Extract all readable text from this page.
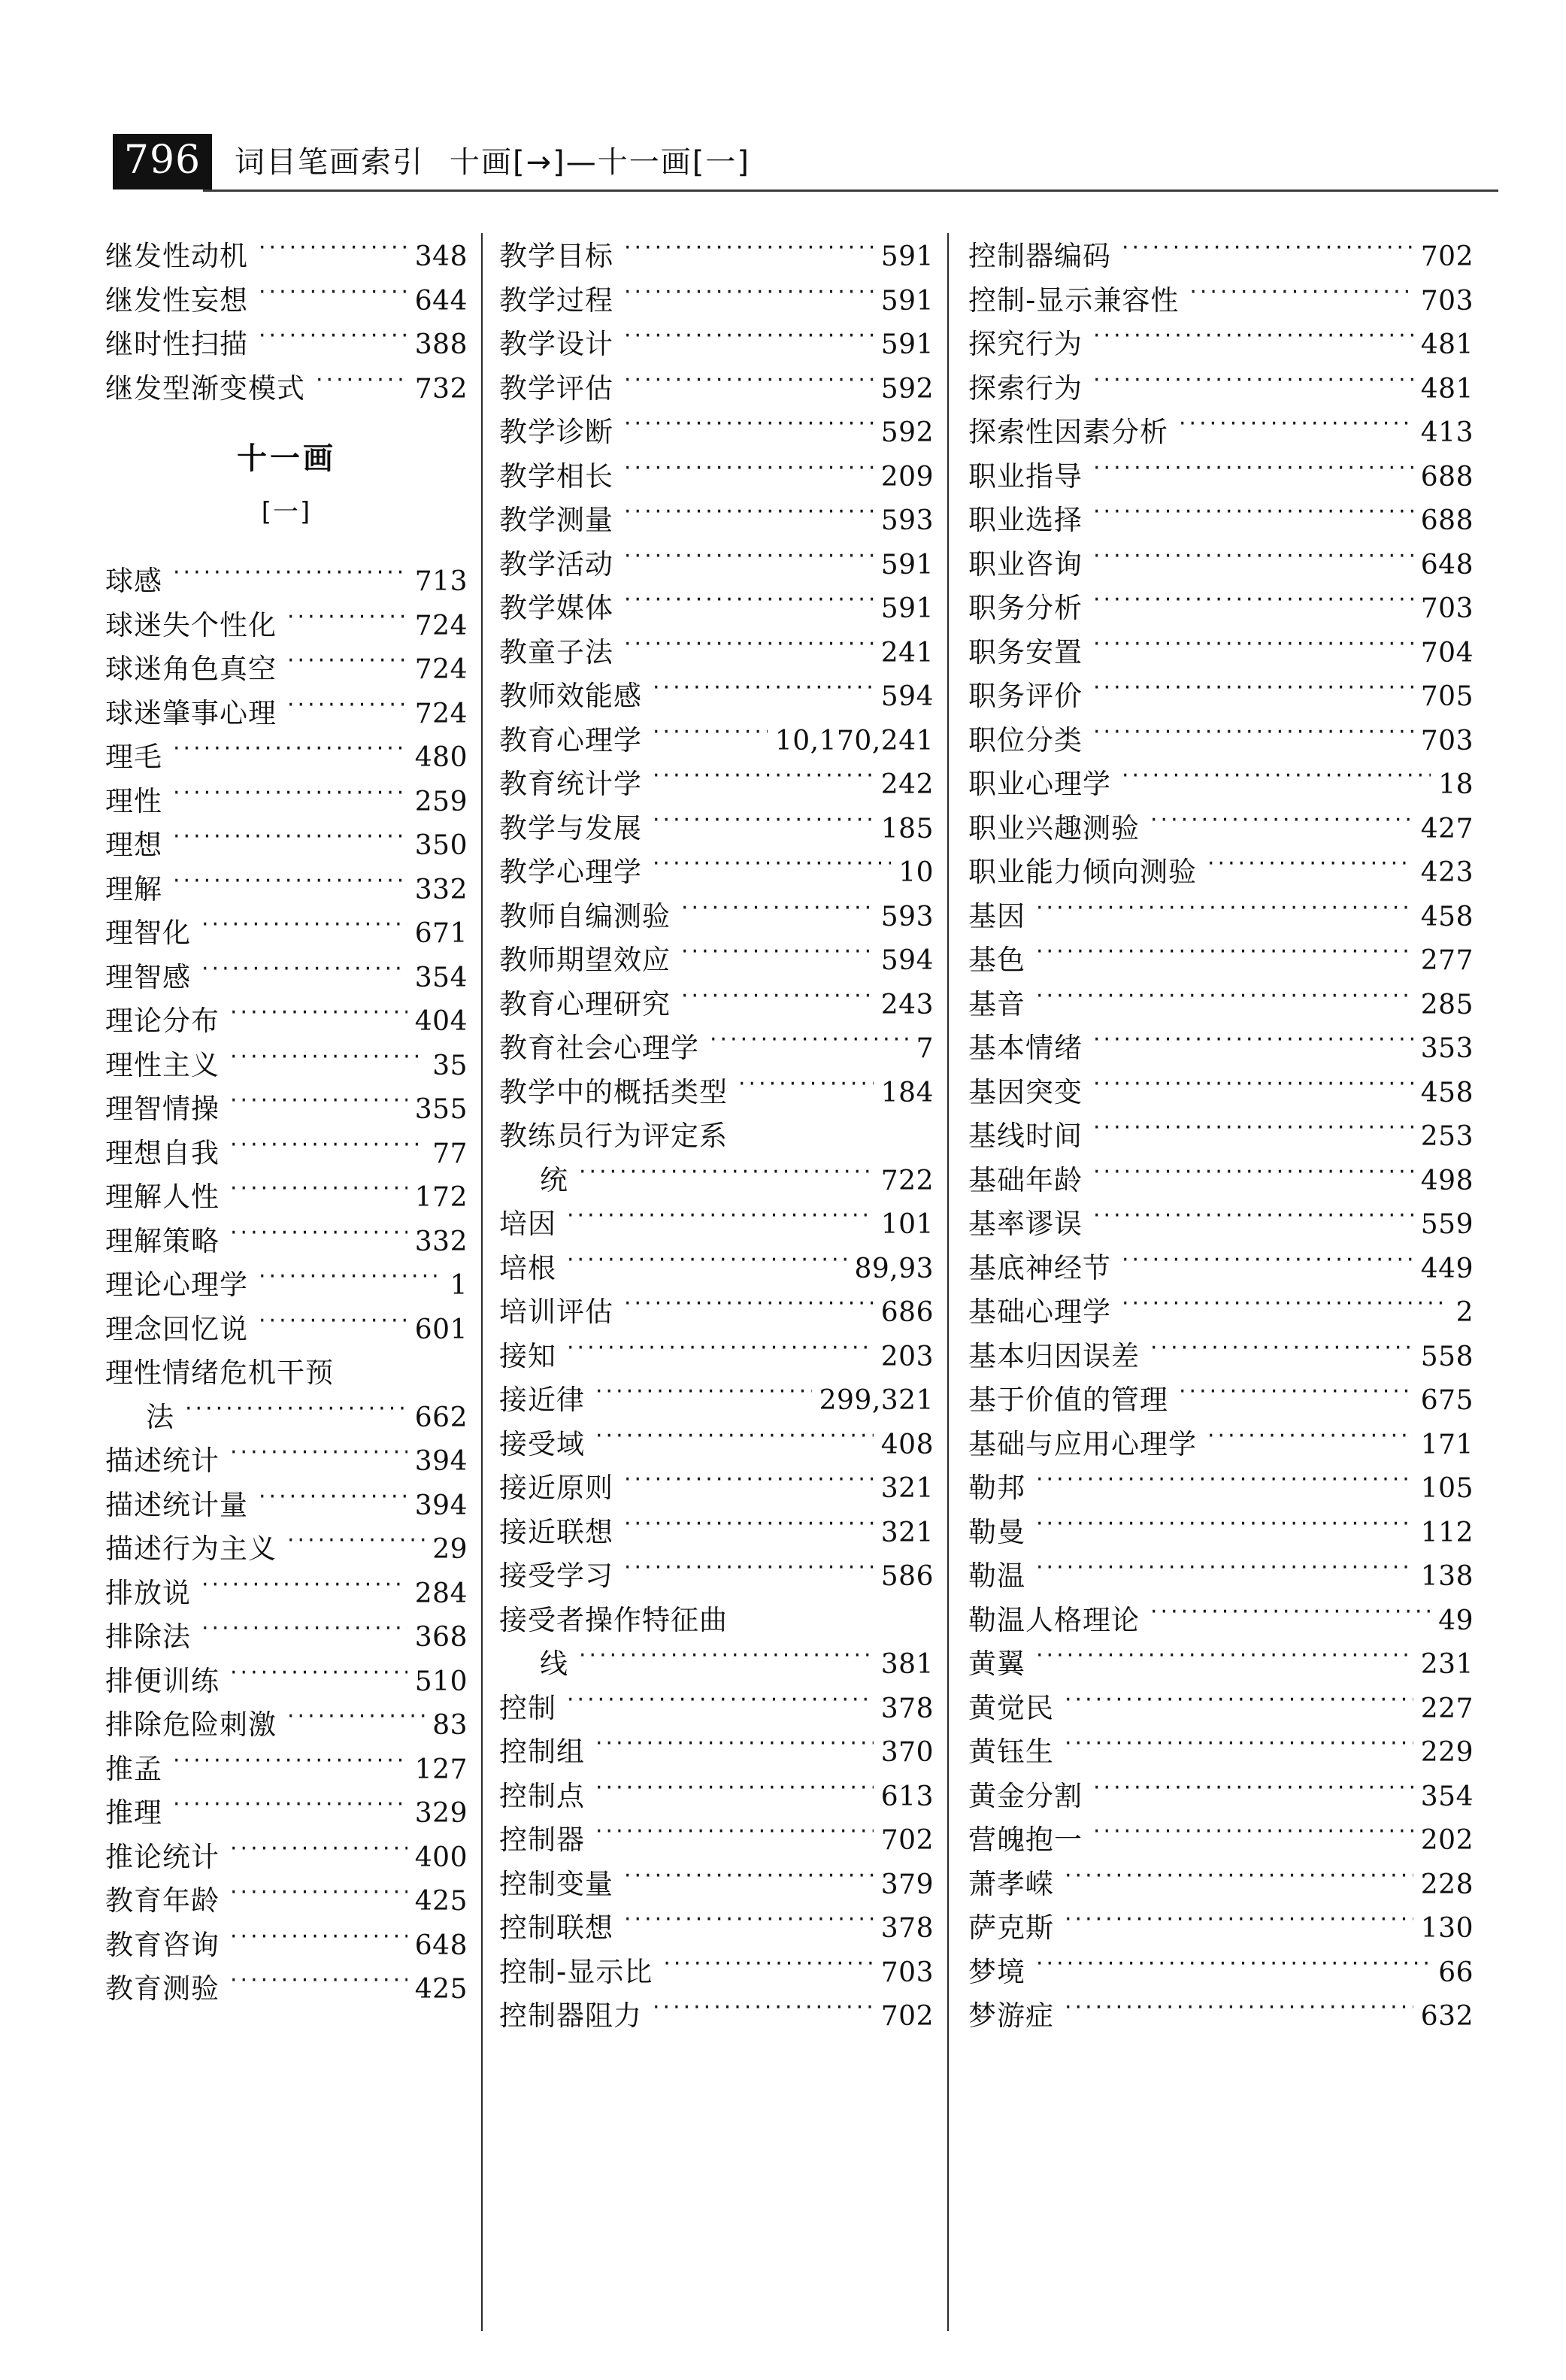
796 词目笔画索引 十画[→]—十一画[一]
继发性动机 ·····	348
继发性妄想 ·····	644
继时性扫描 ·····	388
继发型渐变模式 ·····	732
十一画
[一]
球感 ·····	713
球迷失个性化 ·····	724
球迷角色真空 ·····	724
球迷肇事心理 ·····	724
理毛 ·····	480
理性 ·····	259
理想 ·····	350
理解 ·····	332
理智化 ·····	671
理智感 ·····	354
理论分布 ·····	404
理性主义 ·····	35
理智情操 ·····	355
理想自我 ·····	77
理解人性 ·····	172
理解策略 ·····	332
理论心理学 ·····	1
理念回忆说 ·····	601
理性情绪危机干预
法 ·····	662
描述统计 ·····	394
描述统计量 ·····	394
描述行为主义 ·····	29
排放说 ·····	284
排除法 ·····	368
排便训练 ·····	510
排除危险刺激 ·····	83
推孟 ·····	127
推理 ·····	329
推论统计 ·····	400
教育年龄 ·····	425
教育咨询 ·····	648
教育测验 ·····	425
教学目标 ·····	591
教学过程 ·····	591
教学设计 ·····	591
教学评估 ·····	592
教学诊断 ·····	592
教学相长 ·····	209
教学测量 ·····	593
教学活动 ·····	591
教学媒体 ·····	591
教童子法 ·····	241
教师效能感 ·····	594
教育心理学 ·····	10,170,241
教育统计学 ·····	242
教学与发展 ·····	185
教学心理学 ·····	10
教师自编测验 ·····	593
教师期望效应 ·····	594
教育心理研究 ·····	243
教育社会心理学 ·····	7
教学中的概括类型 ·····	184
教练员行为评定系
统 ·····	722
培因 ·····	101
培根 ·····	89,93
培训评估 ·····	686
接知 ·····	203
接近律 ·····	299,321
接受域 ·····	408
接近原则 ·····	321
接近联想 ·····	321
接受学习 ·····	586
接受者操作特征曲
线 ·····	381
控制 ·····	378
控制组 ·····	370
控制点 ·····	613
控制器 ·····	702
控制变量 ·····	379
控制联想 ·····	378
控制-显示比 ·····	703
控制器阻力 ·····	702
控制器编码 ·····	702
控制-显示兼容性 ·····	703
探究行为 ·····	481
探索行为 ·····	481
探索性因素分析 ·····	413
职业指导 ·····	688
职业选择 ·····	688
职业咨询 ·····	648
职务分析 ·····	703
职务安置 ·····	704
职务评价 ·····	705
职位分类 ·····	703
职业心理学 ·····	18
职业兴趣测验 ·····	427
职业能力倾向测验 ·····	423
基因 ·····	458
基色 ·····	277
基音 ·····	285
基本情绪 ·····	353
基因突变 ·····	458
基线时间 ·····	253
基础年龄 ·····	498
基率谬误 ·····	559
基底神经节 ·····	449
基础心理学 ·····	2
基本归因误差 ·····	558
基于价值的管理 ·····	675
基础与应用心理学 ·····	171
勒邦 ·····	105
勒曼 ·····	112
勒温 ·····	138
勒温人格理论 ·····	49
黄翼 ·····	231
黄觉民 ·····	227
黄钰生 ·····	229
黄金分割 ·····	354
营魄抱一 ·····	202
萧孝嵘 ·····	228
萨克斯 ·····	130
梦境 ·····	66
梦游症 ·····	632
